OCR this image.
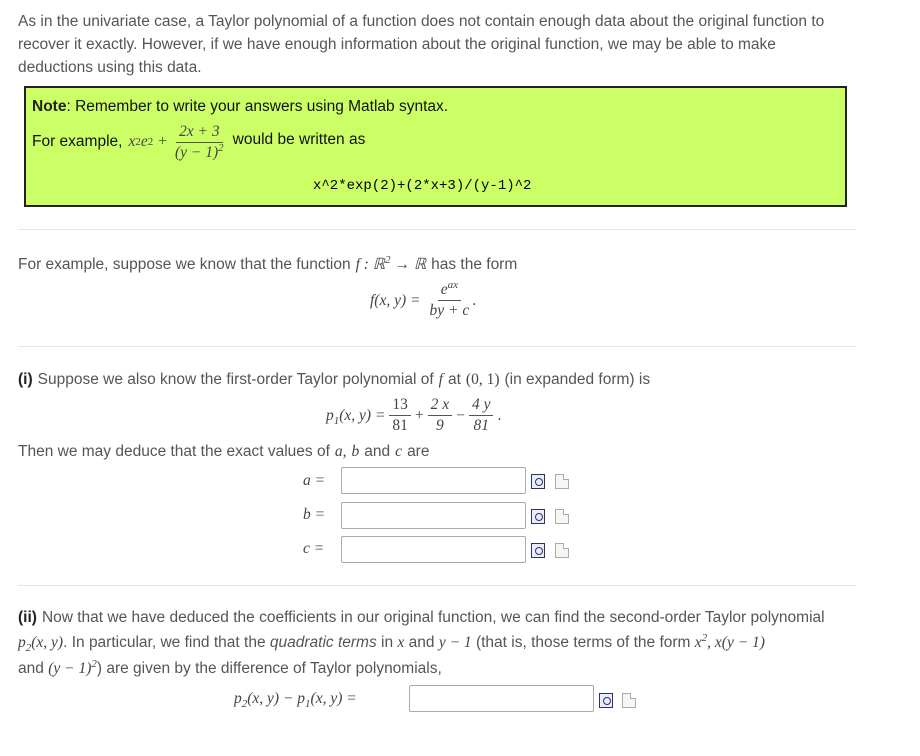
As in the univariate case, a Taylor polynomial of a function does not contain enough data about the original function to
recover it exactly. However, if we have enough information about the original function, we may be able to make
deductions using this data.
Note: Remember to write your answers using Matlab syntax.
For example, x 2 e $2 + \frac{2x + 3}{(y - 1)^2}$ would be written as
x^2*exp(2)+(2*x+3)/(y-1)^2
For example, suppose we know that the function f : ℝ$^2$ → ℝ has the form
f(x, $y) = \frac{e^{ax}}{by + c}$ .
(i) Suppose we also know the first-order Taylor polynomial of f at (0, 1) (in expanded form) is
$p_1(x$, $y) = \frac{13}{81} + \frac{2 x}{9} - \frac{4 y}{81}$ .
Then we may deduce that the exact values of a, b and c are
a =
b =
c =
(ii) Now that we have deduced the coefficients in our original function, we can find the second-order Taylor polynomial
$p_2(x$, y). In particular, we find that the quadratic terms in x and y − 1 (that is, those terms of the form $x^2$, x(y − 1)
and $(y - 1)^2$) are given by the difference of Taylor polynomials,
$p_2(x$, $y) - p_1(x$, y) =
